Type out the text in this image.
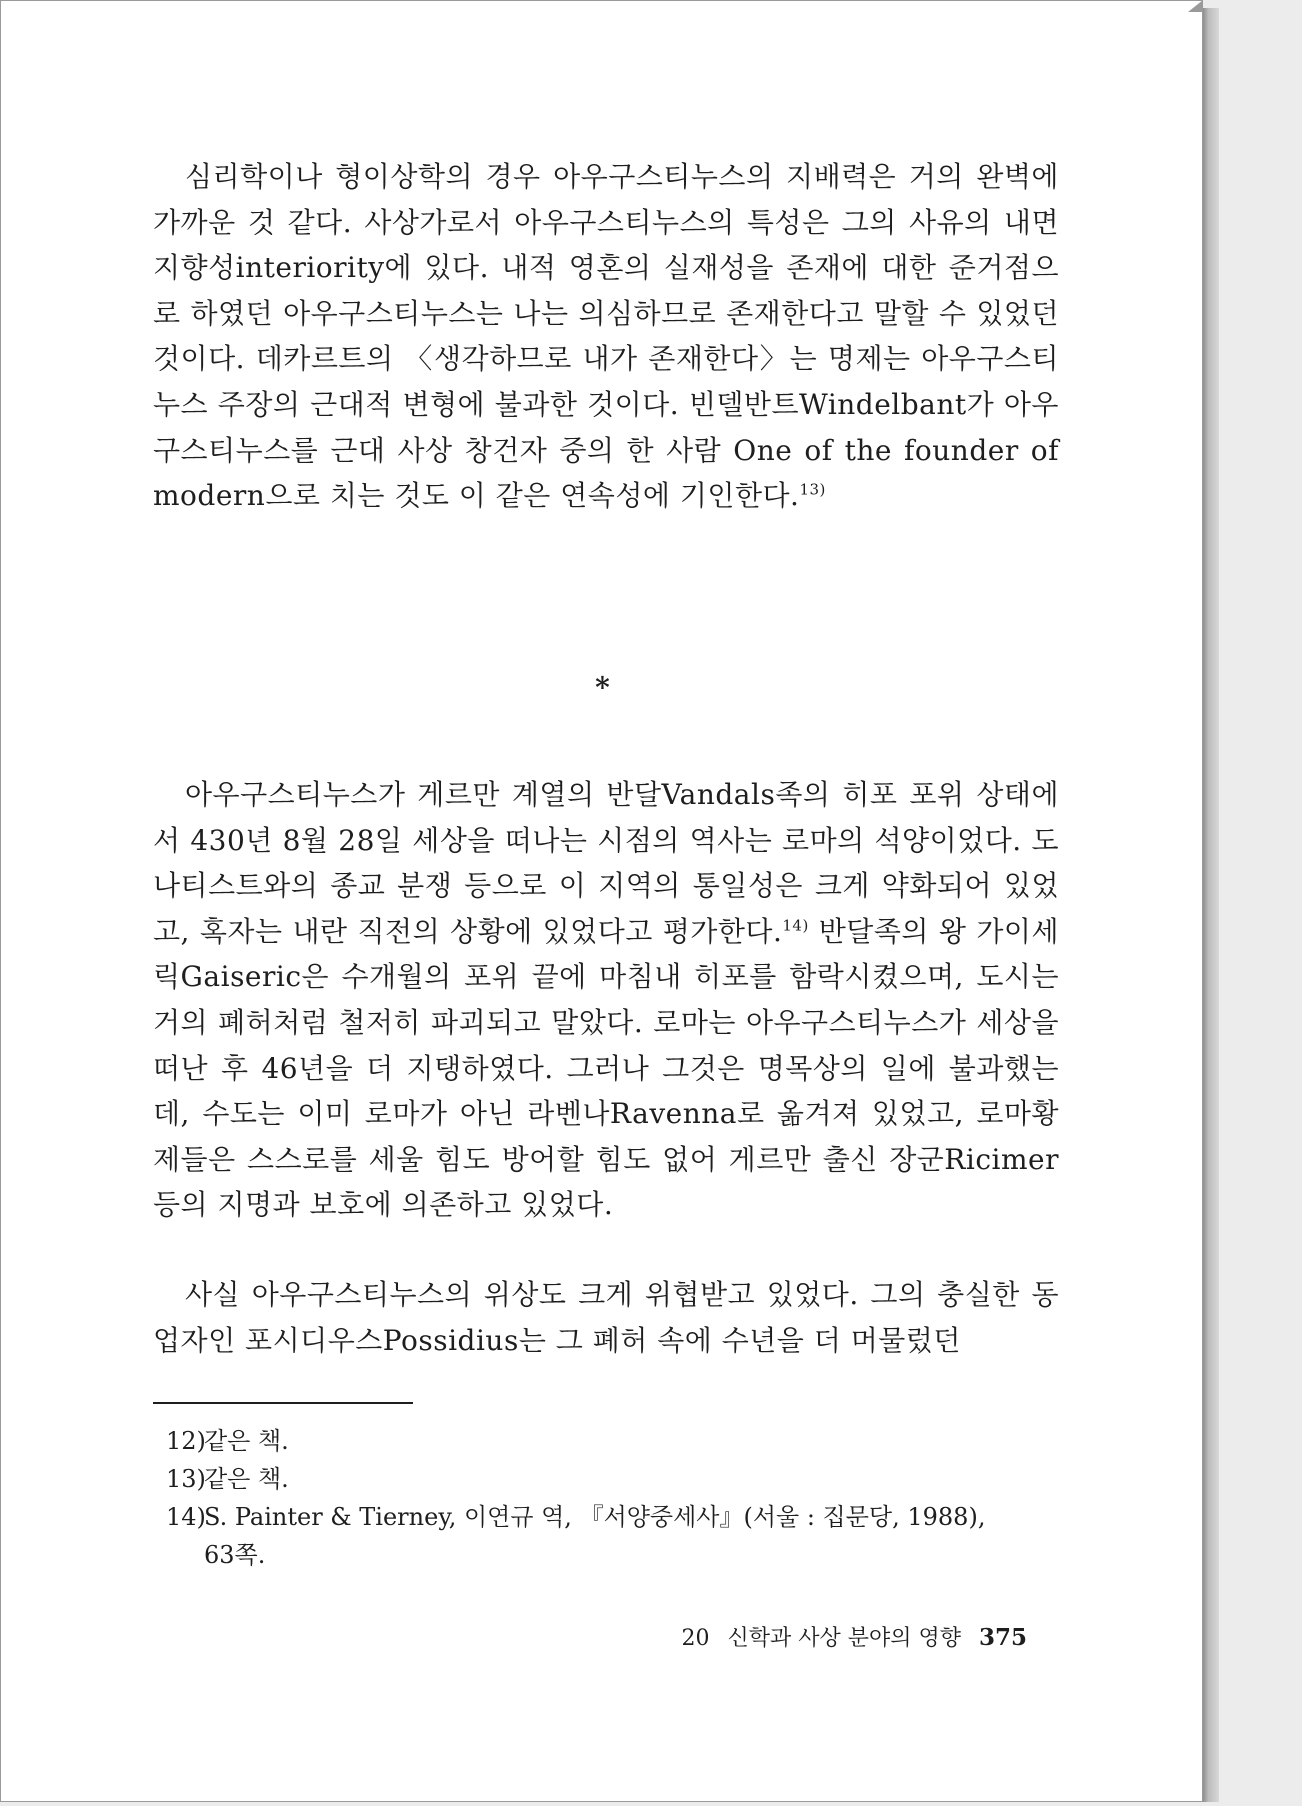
심리학이나 형이상학의 경우 아우구스티누스의 지배력은 거의 완벽에 가까운 것 같다. 사상가로서 아우구스티누스의 특성은 그의 사유의 내면 지향성interiority에 있다. 내적 영혼의 실재성을 존재에 대한 준거점으로 하였던 아우구스티누스는 나는 의심하므로 존재한다고 말할 수 있었던 것이다. 데카르트의 〈생각하므로 내가 존재한다〉는 명제는 아우구스티누스 주장의 근대적 변형에 불과한 것이다. 빈델반트Windelbant가 아우구스티누스를 근대 사상 창건자 중의 한 사람 One of the founder of modern으로 치는 것도 이 같은 연속성에 기인한다.$^{13)}$

*

아우구스티누스가 게르만 계열의 반달Vandals족의 히포 포위 상태에서 430년 8월 28일 세상을 떠나는 시점의 역사는 로마의 석양이었다. 도나티스트와의 종교 분쟁 등으로 이 지역의 통일성은 크게 약화되어 있었고, 혹자는 내란 직전의 상황에 있었다고 평가한다.$^{14)}$ 반달족의 왕 가이세릭Gaiseric은 수개월의 포위 끝에 마침내 히포를 함락시켰으며, 도시는 거의 폐허처럼 철저히 파괴되고 말았다. 로마는 아우구스티누스가 세상을 떠난 후 46년을 더 지탱하였다. 그러나 그것은 명목상의 일에 불과했는데, 수도는 이미 로마가 아닌 라벤나Ravenna로 옮겨져 있었고, 로마황제들은 스스로를 세울 힘도 방어할 힘도 없어 게르만 출신 장군Ricimer 등의 지명과 보호에 의존하고 있었다.

사실 아우구스티누스의 위상도 크게 위협받고 있었다. 그의 충실한 동업자인 포시디우스Possidius는 그 폐허 속에 수년을 더 머물렀던

12)
같은 책.
13)
같은 책.
14)
S. Painter & Tierney, 이연규 역, 『서양중세사』(서울 : 집문당, 1988),
63쪽.
20 신학과 사상 분야의 영향 375
